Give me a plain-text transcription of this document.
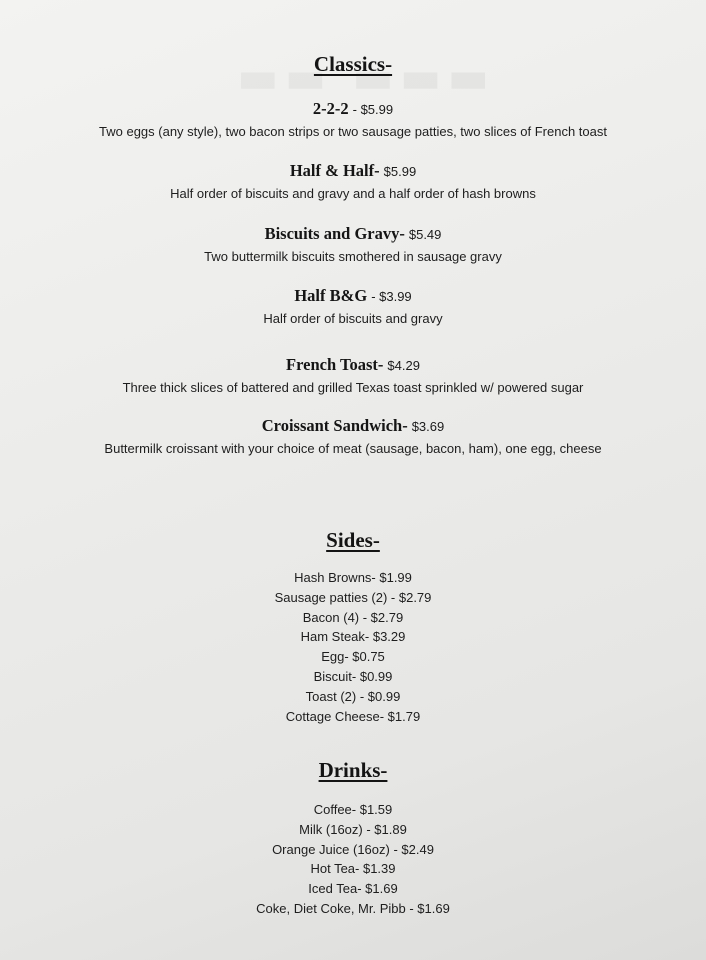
Classics-
2-2-2 - $5.99
Two eggs (any style), two bacon strips or two sausage patties, two slices of French toast
Half & Half- $5.99
Half order of biscuits and gravy and a half order of hash browns
Biscuits and Gravy- $5.49
Two buttermilk biscuits smothered in sausage gravy
Half B&G - $3.99
Half order of biscuits and gravy
French Toast- $4.29
Three thick slices of battered and grilled Texas toast sprinkled w/ powered sugar
Croissant Sandwich- $3.69
Buttermilk croissant with your choice of meat (sausage, bacon, ham), one egg, cheese
Sides-
Hash Browns- $1.99
Sausage patties (2) - $2.79
Bacon (4) - $2.79
Ham Steak- $3.29
Egg- $0.75
Biscuit- $0.99
Toast (2) - $0.99
Cottage Cheese- $1.79
Drinks-
Coffee- $1.59
Milk (16oz) - $1.89
Orange Juice (16oz) - $2.49
Hot Tea- $1.39
Iced Tea- $1.69
Coke, Diet Coke, Mr. Pibb - $1.69
